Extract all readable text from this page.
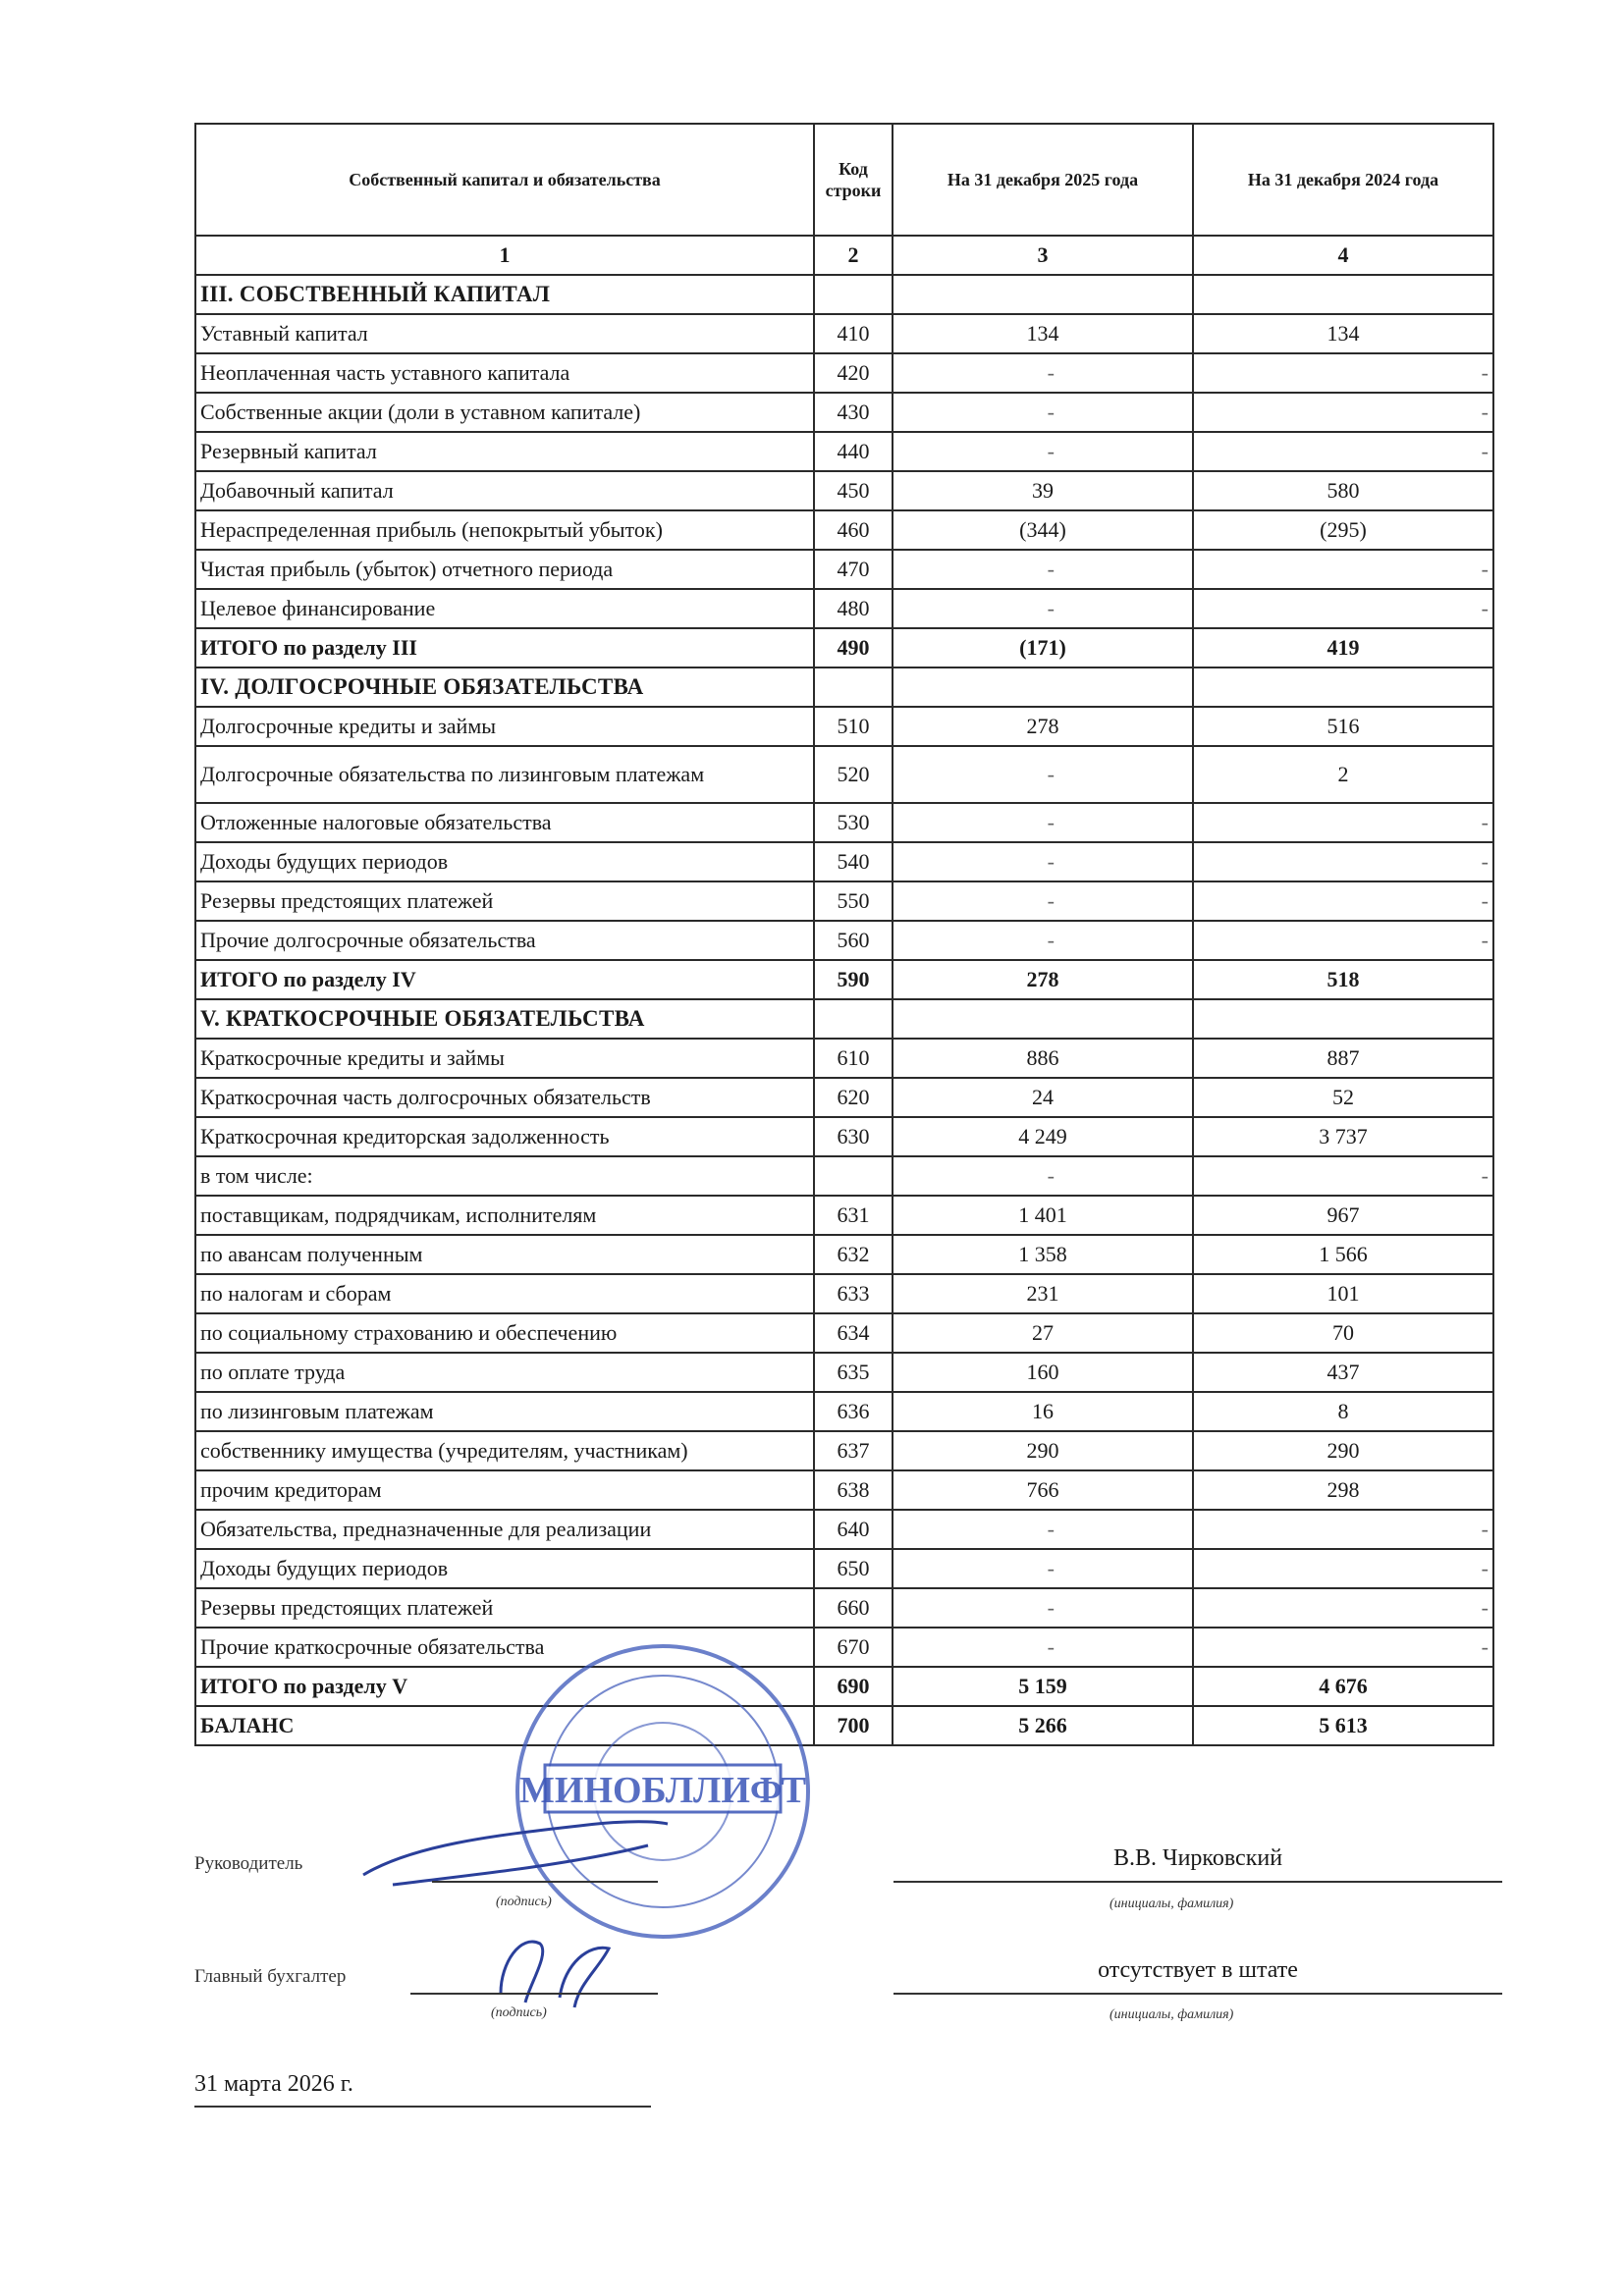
Собственный капитал и обязательства	Код строки	На 31 декабря 2025 года	На 31 декабря 2024 года
1	2	3	4
III. СОБСТВЕННЫЙ КАПИТАЛ			
Уставный капитал	410	134	134
Неоплаченная часть уставного капитала	420	-	-
Собственные акции (доли в уставном капитале)	430	-	-
Резервный капитал	440	-	-
Добавочный капитал	450	39	580
Нераспределенная прибыль (непокрытый убыток)	460	(344)	(295)
Чистая прибыль (убыток) отчетного периода	470	-	-
Целевое финансирование	480	-	-
ИТОГО по разделу III	490	(171)	419
IV. ДОЛГОСРОЧНЫЕ ОБЯЗАТЕЛЬСТВА			
Долгосрочные кредиты и займы	510	278	516
Долгосрочные обязательства по лизинговым платежам	520	-	2
Отложенные налоговые обязательства	530	-	-
Доходы будущих периодов	540	-	-
Резервы предстоящих платежей	550	-	-
Прочие долгосрочные обязательства	560	-	-
ИТОГО по разделу IV	590	278	518
V. КРАТКОСРОЧНЫЕ ОБЯЗАТЕЛЬСТВА			
Краткосрочные кредиты и займы	610	886	887
Краткосрочная часть долгосрочных обязательств	620	24	52
Краткосрочная кредиторская задолженность	630	4 249	3 737
в том числе:		-	-
поставщикам, подрядчикам, исполнителям	631	1 401	967
по авансам полученным	632	1 358	1 566
по налогам и сборам	633	231	101
по социальному страхованию и обеспечению	634	27	70
по оплате труда	635	160	437
по лизинговым платежам	636	16	8
собственнику имущества (учредителям, участникам)	637	290	290
прочим кредиторам	638	766	298
Обязательства, предназначенные для реализации	640	-	-
Доходы будущих периодов	650	-	-
Резервы предстоящих платежей	660	-	-
Прочие краткосрочные обязательства	670	-	-
ИТОГО по разделу V	690	5 159	4 676
БАЛАНС	700	5 266	5 613
МИНОБЛЛИФТ
Руководитель
(подпись)
В.В. Чирковский
(инициалы, фамилия)
Главный бухгалтер
(подпись)
отсутствует в штате
(инициалы, фамилия)
31 марта 2026 г.
